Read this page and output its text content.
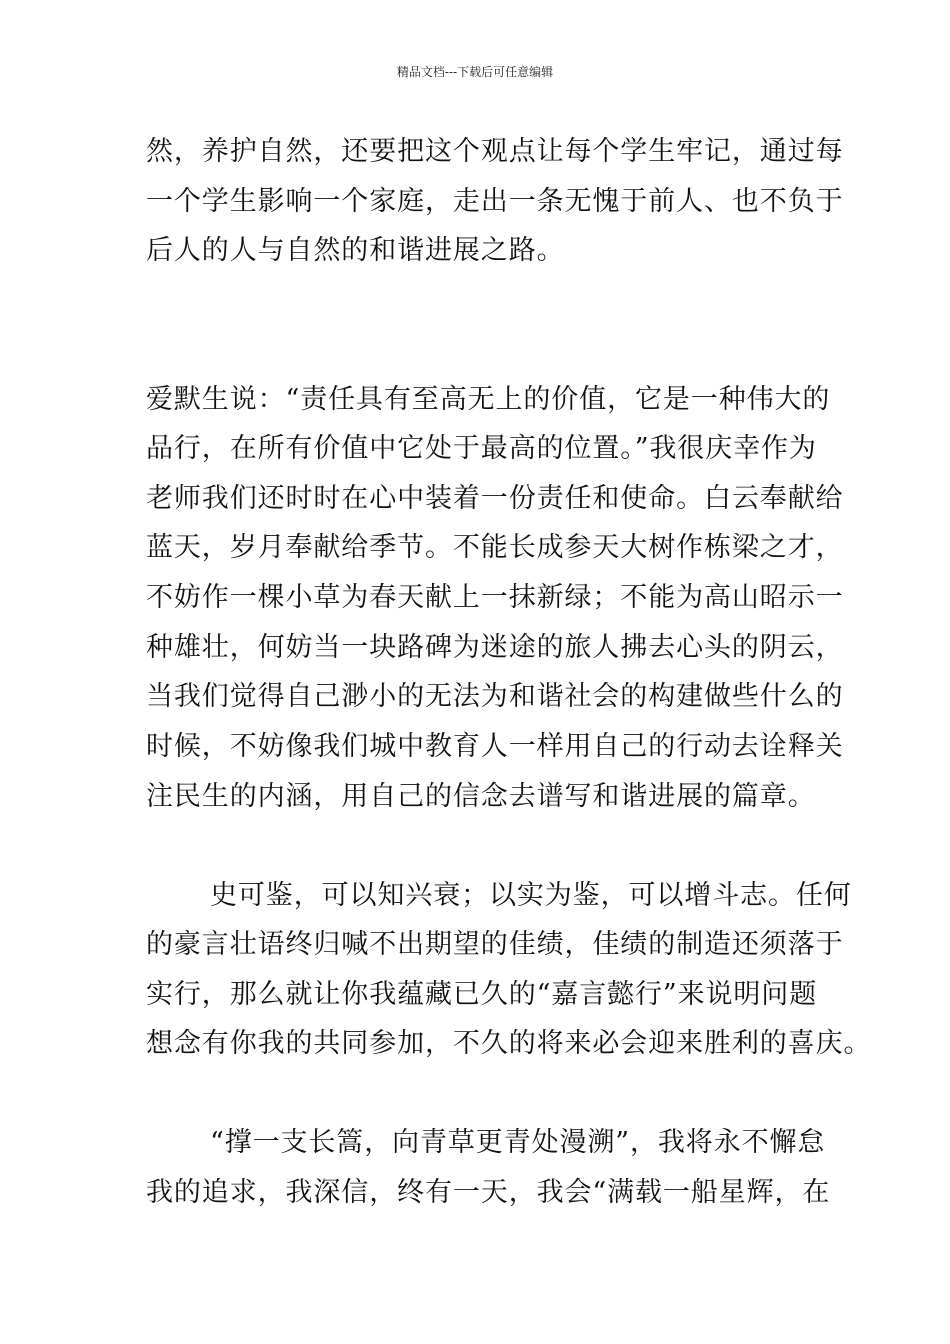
精品文档---下载后可任意编辑
然，养护自然，还要把这个观点让每个学生牢记，通过每
一个学生影响一个家庭，走出一条无愧于前人、也不负于
后人的人与自然的和谐进展之路。
爱默生说：“责任具有至高无上的价值，它是一种伟大的
品行，在所有价值中它处于最高的位置。”我很庆幸作为
老师我们还时时在心中装着一份责任和使命。白云奉献给
蓝天，岁月奉献给季节。不能长成参天大树作栋梁之才，
不妨作一棵小草为春天献上一抹新绿；不能为高山昭示一
种雄壮，何妨当一块路碑为迷途的旅人拂去心头的阴云，
当我们觉得自己渺小的无法为和谐社会的构建做些什么的
时候，不妨像我们城中教育人一样用自己的行动去诠释关
注民生的内涵，用自己的信念去谱写和谐进展的篇章。
史可鉴，可以知兴衰；以实为鉴，可以增斗志。任何
的豪言壮语终归喊不出期望的佳绩，佳绩的制造还须落于
实行，那么就让你我蕴藏已久的“嘉言懿行”来说明问题
想念有你我的共同参加，不久的将来必会迎来胜利的喜庆。
“撑一支长篙，向青草更青处漫溯”，我将永不懈怠
我的追求，我深信，终有一天，我会“满载一船星辉，在
